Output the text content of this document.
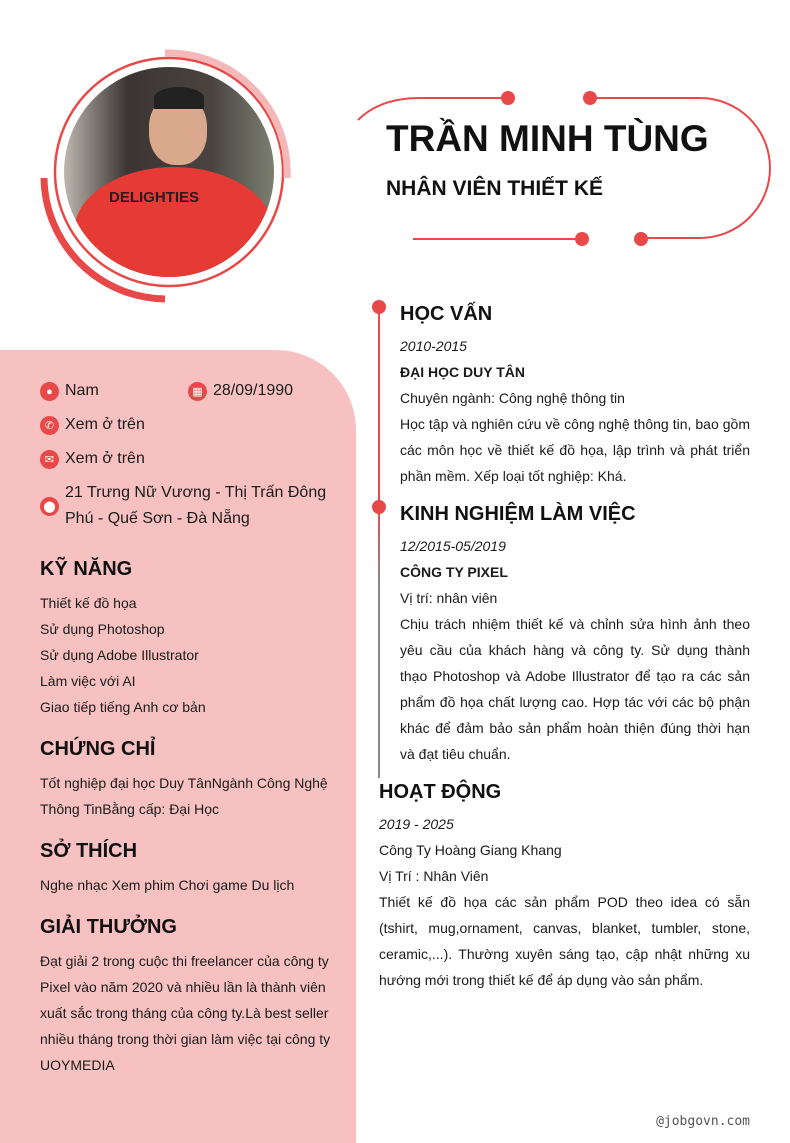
DELIGHTIES
TRẦN MINH TÙNG
NHÂN VIÊN THIẾT KẾ
● Nam	▦ 28/09/1990
✆ Xem ở trên
✉ Xem ở trên
⬤
21 Trưng Nữ Vương - Thị Trấn Đông Phú - Quế Sơn - Đà Nẵng
KỸ NĂNG
Thiết kế đồ họa
Sử dụng Photoshop
Sử dụng Adobe Illustrator
Làm việc với AI
Giao tiếp tiếng Anh cơ bản
CHỨNG CHỈ
Tốt nghiệp đại học Duy TânNgành Công Nghệ Thông TinBằng cấp: Đại Học
SỞ THÍCH
Nghe nhạc Xem phim Chơi game Du lịch
GIẢI THƯỞNG
Đạt giải 2 trong cuộc thi freelancer của công ty Pixel vào năm 2020 và nhiều lần là thành viên xuất sắc trong tháng của công ty.Là best seller nhiều tháng trong thời gian làm việc tại công ty UOYMEDIA
HỌC VẤN
2010-2015
ĐẠI HỌC DUY TÂN
Chuyên ngành: Công nghệ thông tin
Học tập và nghiên cứu về công nghệ thông tin, bao gồm các môn học về thiết kế đồ họa, lập trình và phát triển phần mềm. Xếp loại tốt nghiệp: Khá.
KINH NGHIỆM LÀM VIỆC
12/2015-05/2019
CÔNG TY PIXEL
Vị trí: nhân viên
Chịu trách nhiệm thiết kế và chỉnh sửa hình ảnh theo yêu cầu của khách hàng và công ty. Sử dụng thành thạo Photoshop và Adobe Illustrator để tạo ra các sản phẩm đồ họa chất lượng cao. Hợp tác với các bộ phận khác để đảm bảo sản phẩm hoàn thiện đúng thời hạn và đạt tiêu chuẩn.
HOẠT ĐỘNG
2019 - 2025
Công Ty Hoàng Giang Khang
Vị Trí : Nhân Viên
Thiết kế đồ họa các sản phẩm POD theo idea có sẵn (tshirt, mug,ornament, canvas, blanket, tumbler, stone, ceramic,...). Thường xuyên sáng tạo, cập nhật những xu hướng mới trong thiết kế để áp dụng vào sản phẩm.
@jobgovn.com
